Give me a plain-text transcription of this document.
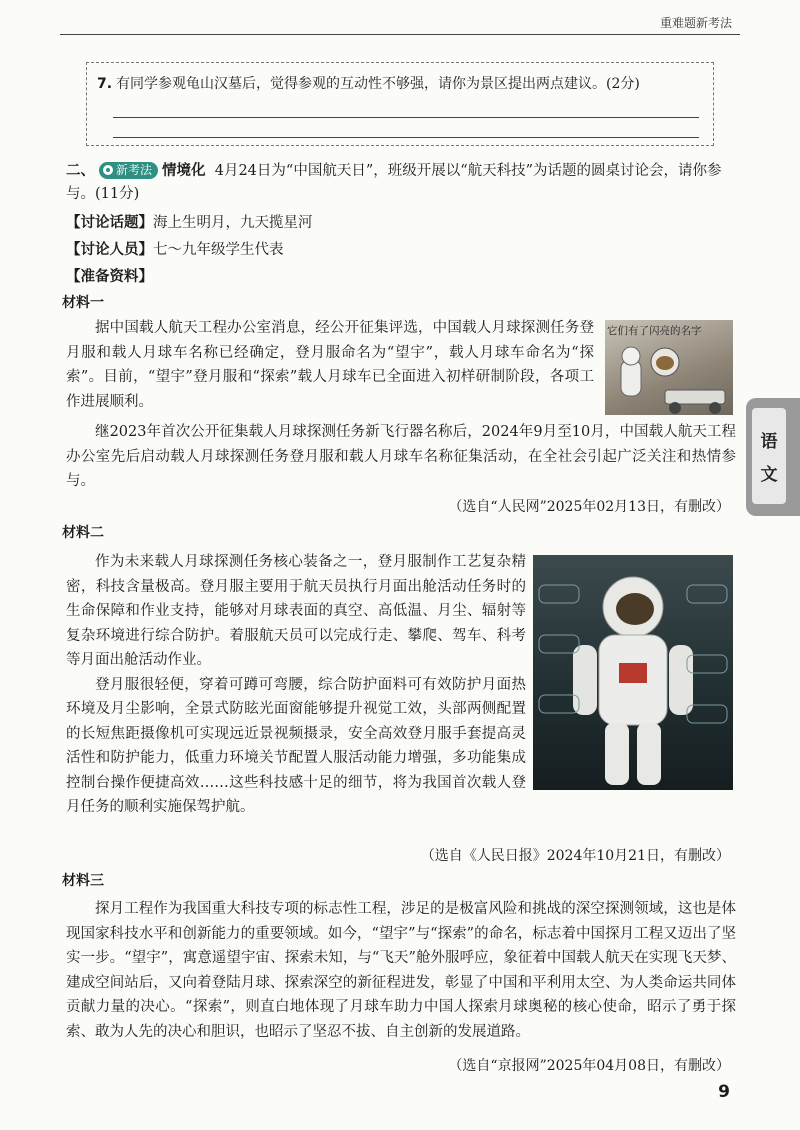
重难题新考法
7. 有同学参观龟山汉墓后，觉得参观的互动性不够强，请你为景区提出两点建议。(2分)
二、 新考法 情境化 4月24日为“中国航天日”，班级开展以“航天科技”为话题的圆桌讨论会，请你参与。(11分)
【讨论话题】海上生明月，九天揽星河
【讨论人员】七～九年级学生代表
【准备资料】
材料一

据中国载人航天工程办公室消息，经公开征集评选，中国载人月球探测任务登月服和载人月球车名称已经确定，登月服命名为“望宇”，载人月球车命名为“探索”。目前，“望宇”登月服和“探索”载人月球车已全面进入初样研制阶段，各项工作进展顺利。

它们有了闪亮的名字

继2023年首次公开征集载人月球探测任务新飞行器名称后，2024年9月至10月，中国载人航天工程办公室先后启动载人月球探测任务登月服和载人月球车名称征集活动，在全社会引起广泛关注和热情参与。

（选自“人民网”2025年02月13日，有删改）
材料二

作为未来载人月球探测任务核心装备之一，登月服制作工艺复杂精密，科技含量极高。登月服主要用于航天员执行月面出舱活动任务时的生命保障和作业支持，能够对月球表面的真空、高低温、月尘、辐射等复杂环境进行综合防护。着服航天员可以完成行走、攀爬、驾车、科考等月面出舱活动作业。

登月服很轻便，穿着可蹲可弯腰，综合防护面料可有效防护月面热环境及月尘影响，全景式防眩光面窗能够提升视觉工效，头部两侧配置的长短焦距摄像机可实现远近景视频摄录，安全高效登月服手套提高灵活性和防护能力，低重力环境关节配置人服活动能力增强，多功能集成控制台操作便捷高效……这些科技感十足的细节，将为我国首次载人登月任务的顺利实施保驾护航。

（选自《人民日报》2024年10月21日，有删改）
材料三

探月工程作为我国重大科技专项的标志性工程，涉足的是极富风险和挑战的深空探测领域，这也是体现国家科技水平和创新能力的重要领域。如今，“望宇”与“探索”的命名，标志着中国探月工程又迈出了坚实一步。“望宇”，寓意遥望宇宙、探索未知，与“飞天”舱外服呼应，象征着中国载人航天在实现飞天梦、建成空间站后，又向着登陆月球、探索深空的新征程进发，彰显了中国和平利用太空、为人类命运共同体贡献力量的决心。“探索”，则直白地体现了月球车助力中国人探索月球奥秘的核心使命，昭示了勇于探索、敢为人先的决心和胆识，也昭示了坚忍不拔、自主创新的发展道路。

（选自“京报网”2025年04月08日，有删改）
语
文
9
